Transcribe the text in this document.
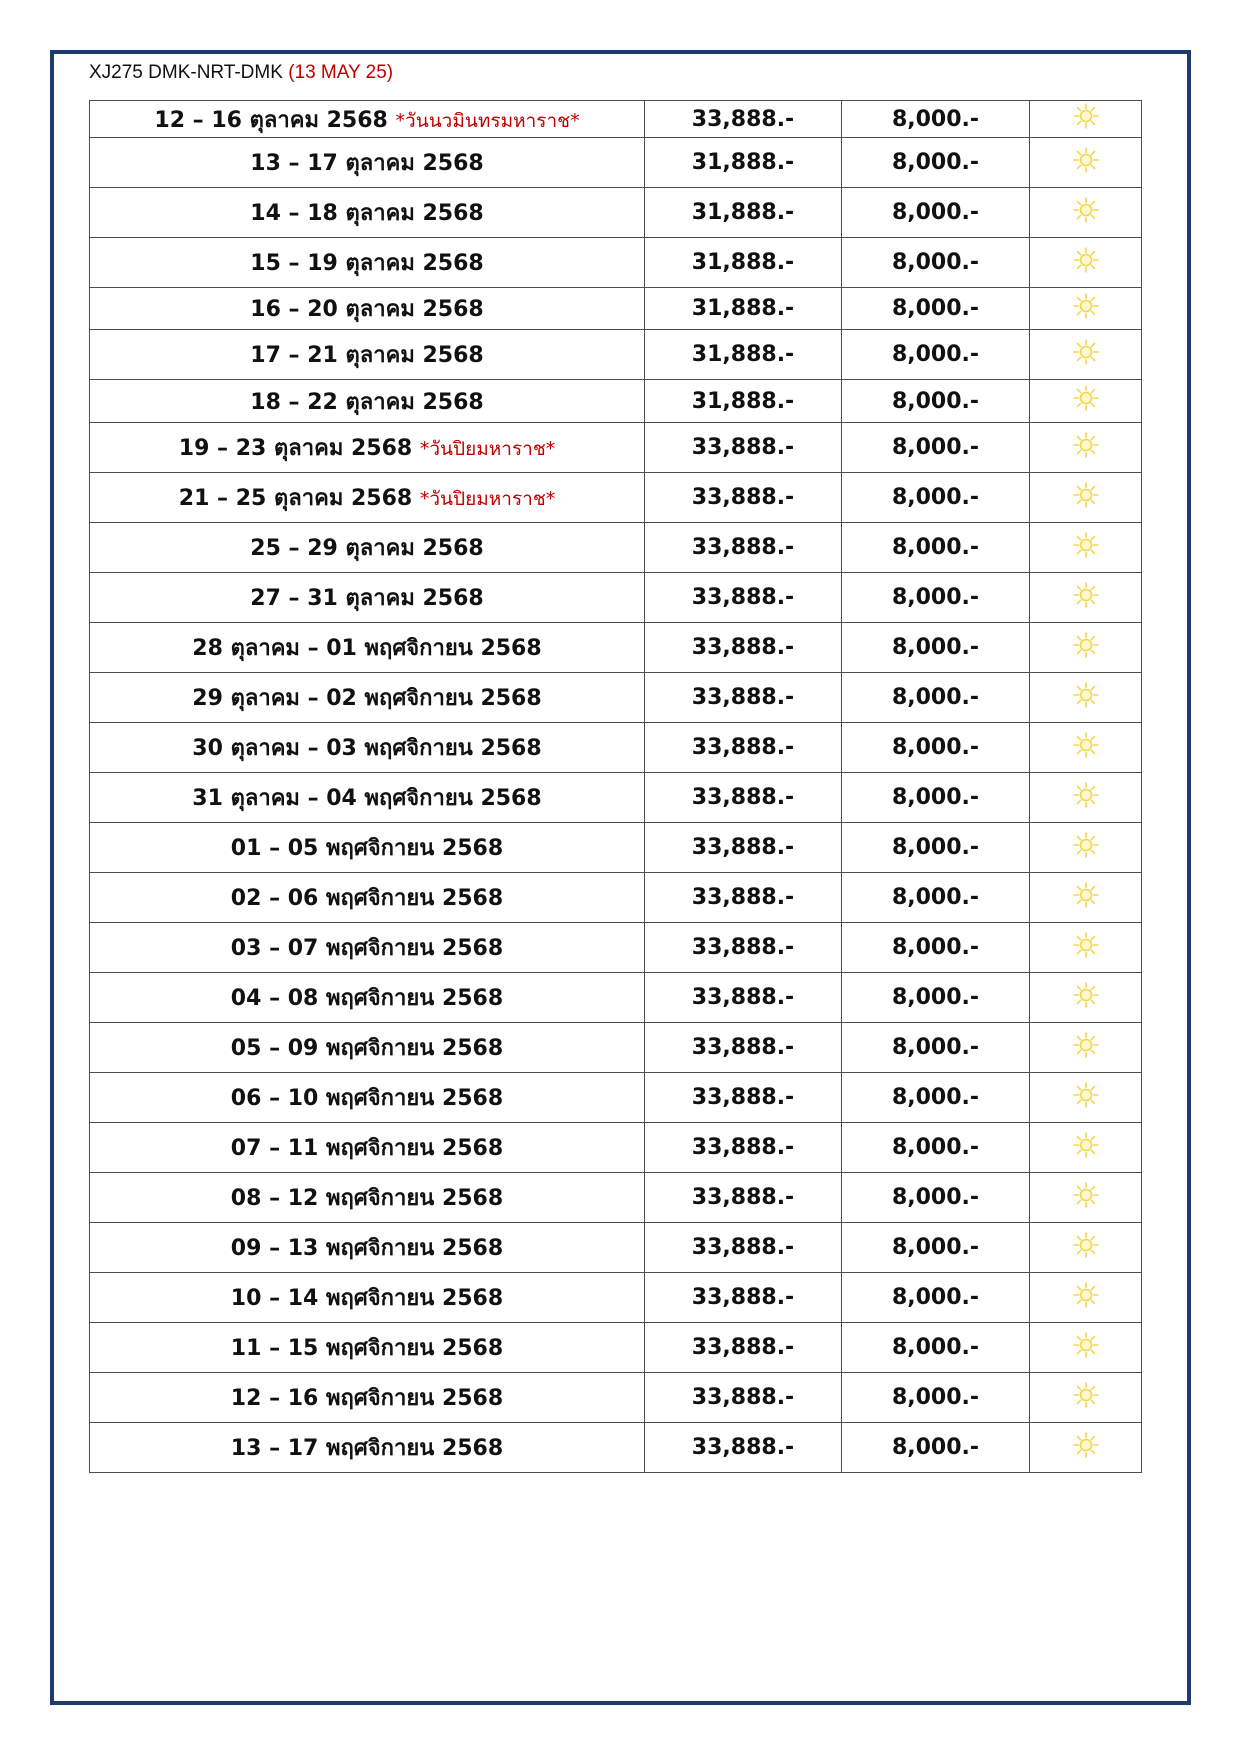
XJ275 DMK-NRT-DMK (13 MAY 25)
12 – 16 ตุลาคม 2568 *วันนวมินทรมหาราช*	33,888.-	8,000.-	
13 – 17 ตุลาคม 2568	31,888.-	8,000.-	
14 – 18 ตุลาคม 2568	31,888.-	8,000.-	
15 – 19 ตุลาคม 2568	31,888.-	8,000.-	
16 – 20 ตุลาคม 2568	31,888.-	8,000.-	
17 – 21 ตุลาคม 2568	31,888.-	8,000.-	
18 – 22 ตุลาคม 2568	31,888.-	8,000.-	
19 – 23 ตุลาคม 2568 *วันปิยมหาราช*	33,888.-	8,000.-	
21 – 25 ตุลาคม 2568 *วันปิยมหาราช*	33,888.-	8,000.-	
25 – 29 ตุลาคม 2568	33,888.-	8,000.-	
27 – 31 ตุลาคม 2568	33,888.-	8,000.-	
28 ตุลาคม – 01 พฤศจิกายน 2568	33,888.-	8,000.-	
29 ตุลาคม – 02 พฤศจิกายน 2568	33,888.-	8,000.-	
30 ตุลาคม – 03 พฤศจิกายน 2568	33,888.-	8,000.-	
31 ตุลาคม – 04 พฤศจิกายน 2568	33,888.-	8,000.-	
01 – 05 พฤศจิกายน 2568	33,888.-	8,000.-	
02 – 06 พฤศจิกายน 2568	33,888.-	8,000.-	
03 – 07 พฤศจิกายน 2568	33,888.-	8,000.-	
04 – 08 พฤศจิกายน 2568	33,888.-	8,000.-	
05 – 09 พฤศจิกายน 2568	33,888.-	8,000.-	
06 – 10 พฤศจิกายน 2568	33,888.-	8,000.-	
07 – 11 พฤศจิกายน 2568	33,888.-	8,000.-	
08 – 12 พฤศจิกายน 2568	33,888.-	8,000.-	
09 – 13 พฤศจิกายน 2568	33,888.-	8,000.-	
10 – 14 พฤศจิกายน 2568	33,888.-	8,000.-	
11 – 15 พฤศจิกายน 2568	33,888.-	8,000.-	
12 – 16 พฤศจิกายน 2568	33,888.-	8,000.-	
13 – 17 พฤศจิกายน 2568	33,888.-	8,000.-	
